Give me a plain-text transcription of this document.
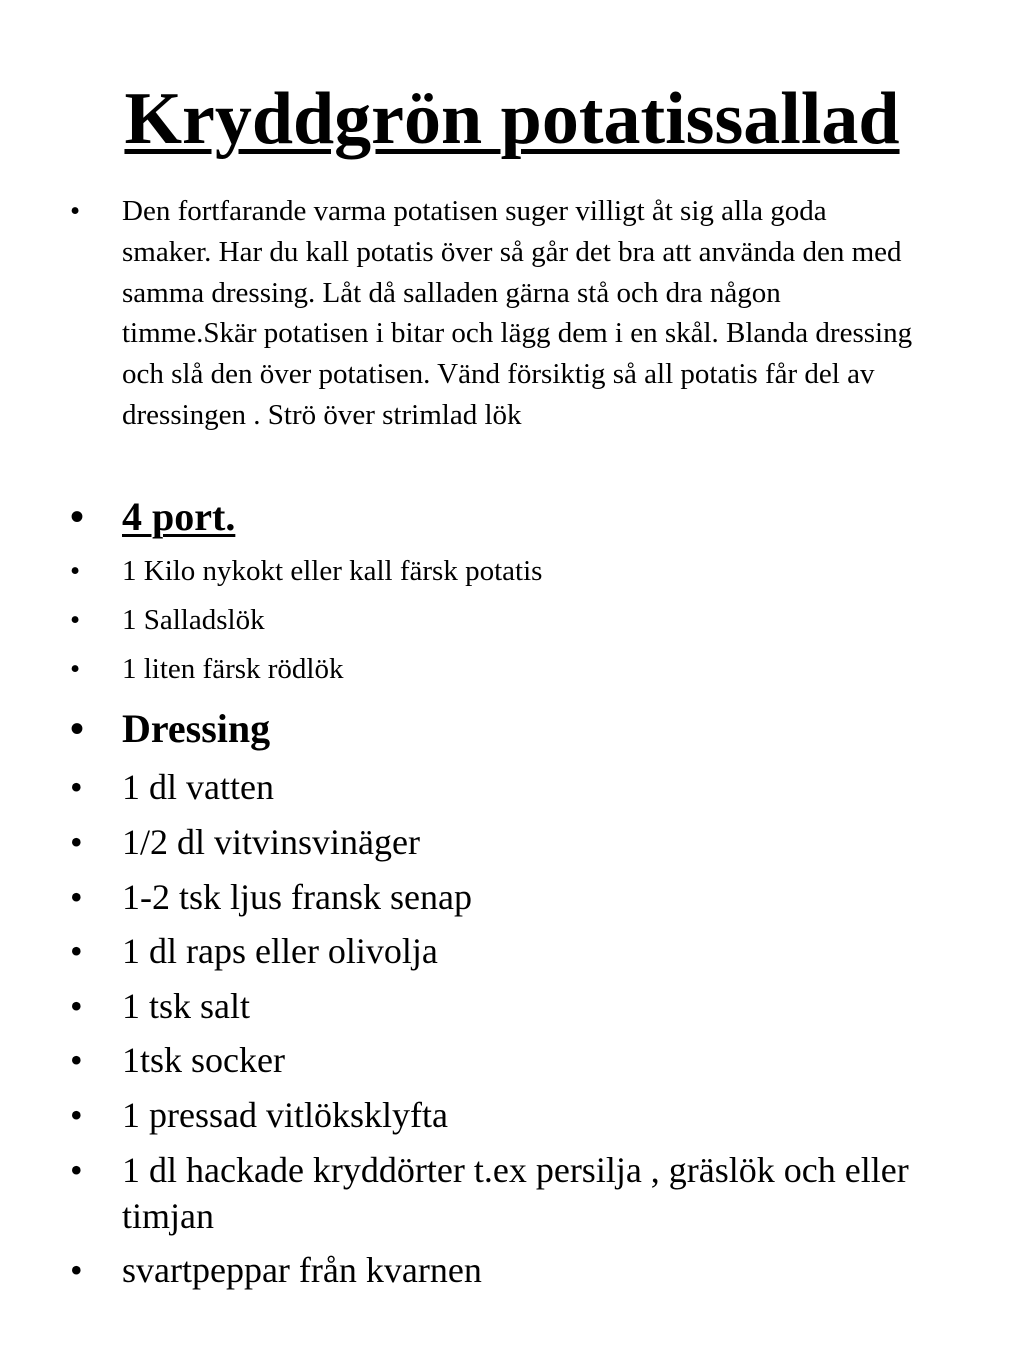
Kryddgrön potatissallad
• Den fortfarande varma potatisen suger villigt åt sig alla goda smaker. Har du kall potatis över så går det bra att använda den med samma dressing. Låt då salladen gärna stå och dra någon timme.Skär potatisen i bitar och lägg dem i en skål. Blanda dressing och slå den över potatisen. Vänd försiktig så all potatis får del av dressingen . Strö över strimlad lök
• 4 port.
• 1 Kilo nykokt eller kall färsk potatis
• 1 Salladslök
• 1 liten färsk rödlök
• Dressing
• 1 dl vatten
• 1/2 dl vitvinsvinäger
• 1-2 tsk ljus fransk senap
• 1 dl raps eller olivolja
• 1 tsk salt
• 1tsk socker
• 1 pressad vitlöksklyfta
• 1 dl hackade kryddörter t.ex persilja , gräslök och eller timjan
• svartpeppar från kvarnen
